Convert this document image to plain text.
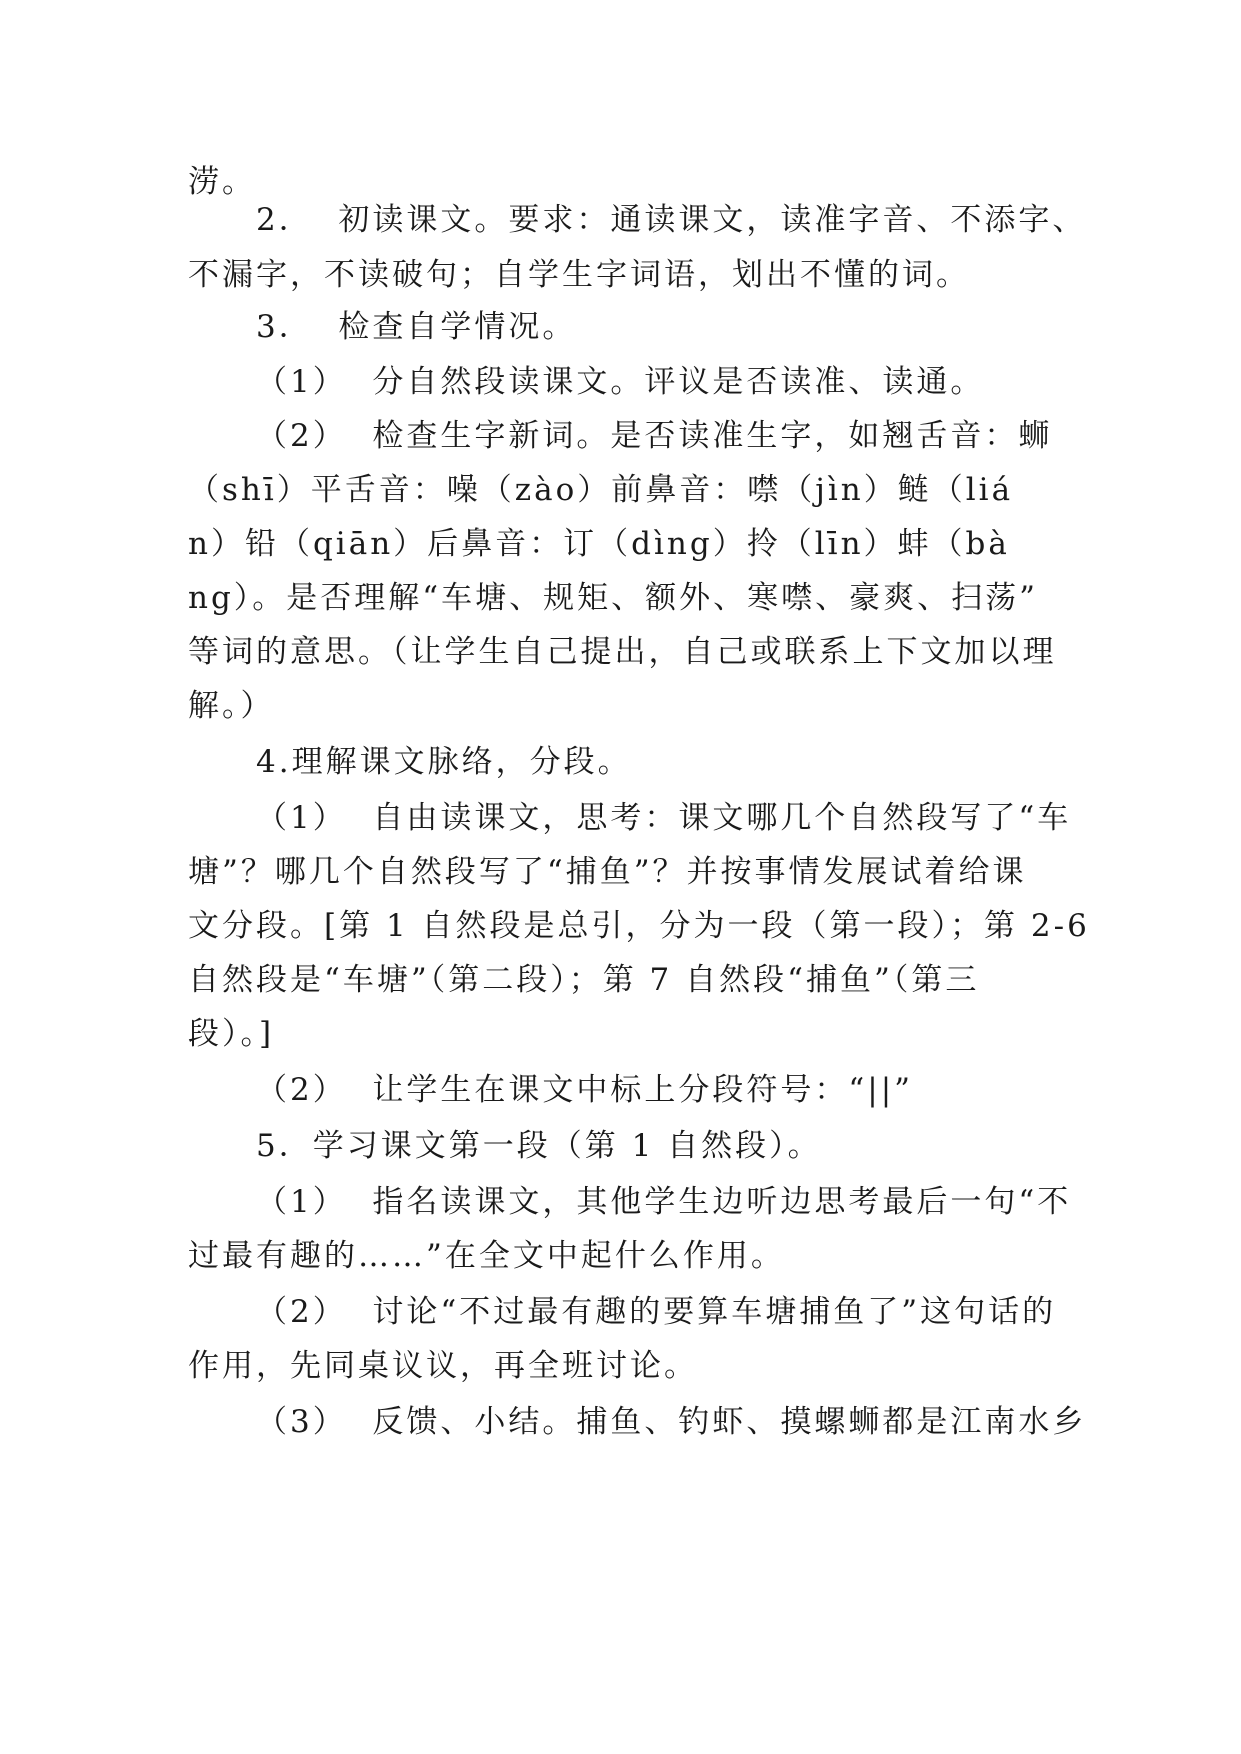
涝。
2．  初读课文。要求：通读课文，读准字音、不添字、
不漏字，不读破句；自学生字词语，划出不懂的词。
3．  检查自学情况。
（1）  分自然段读课文。评议是否读准、读通。
（2）  检查生字新词。是否读准生字，如翘舌音：蛳
（shī）平舌音：噪（zào）前鼻音：噤（jìn）鲢（liá
n）铅（qiān）后鼻音：订（dìng）拎（līn）蚌（bà
ng）。是否理解“车塘、规矩、额外、寒噤、豪爽、扫荡”
等词的意思。（让学生自己提出，自己或联系上下文加以理
解。）
4.理解课文脉络，分段。
（1）  自由读课文，思考：课文哪几个自然段写了“车
塘”？哪几个自然段写了“捕鱼”？并按事情发展试着给课
文分段。[第 1 自然段是总引，分为一段（第一段）；第 2-6
自然段是“车塘”（第二段）；第 7 自然段“捕鱼”（第三
段）。]
（2）  让学生在课文中标上分段符号：“||”
5．学习课文第一段（第 1 自然段）。
（1）  指名读课文，其他学生边听边思考最后一句“不
过最有趣的……”在全文中起什么作用。
（2）  讨论“不过最有趣的要算车塘捕鱼了”这句话的
作用，先同桌议议，再全班讨论。
（3）  反馈、小结。捕鱼、钓虾、摸螺蛳都是江南水乡
